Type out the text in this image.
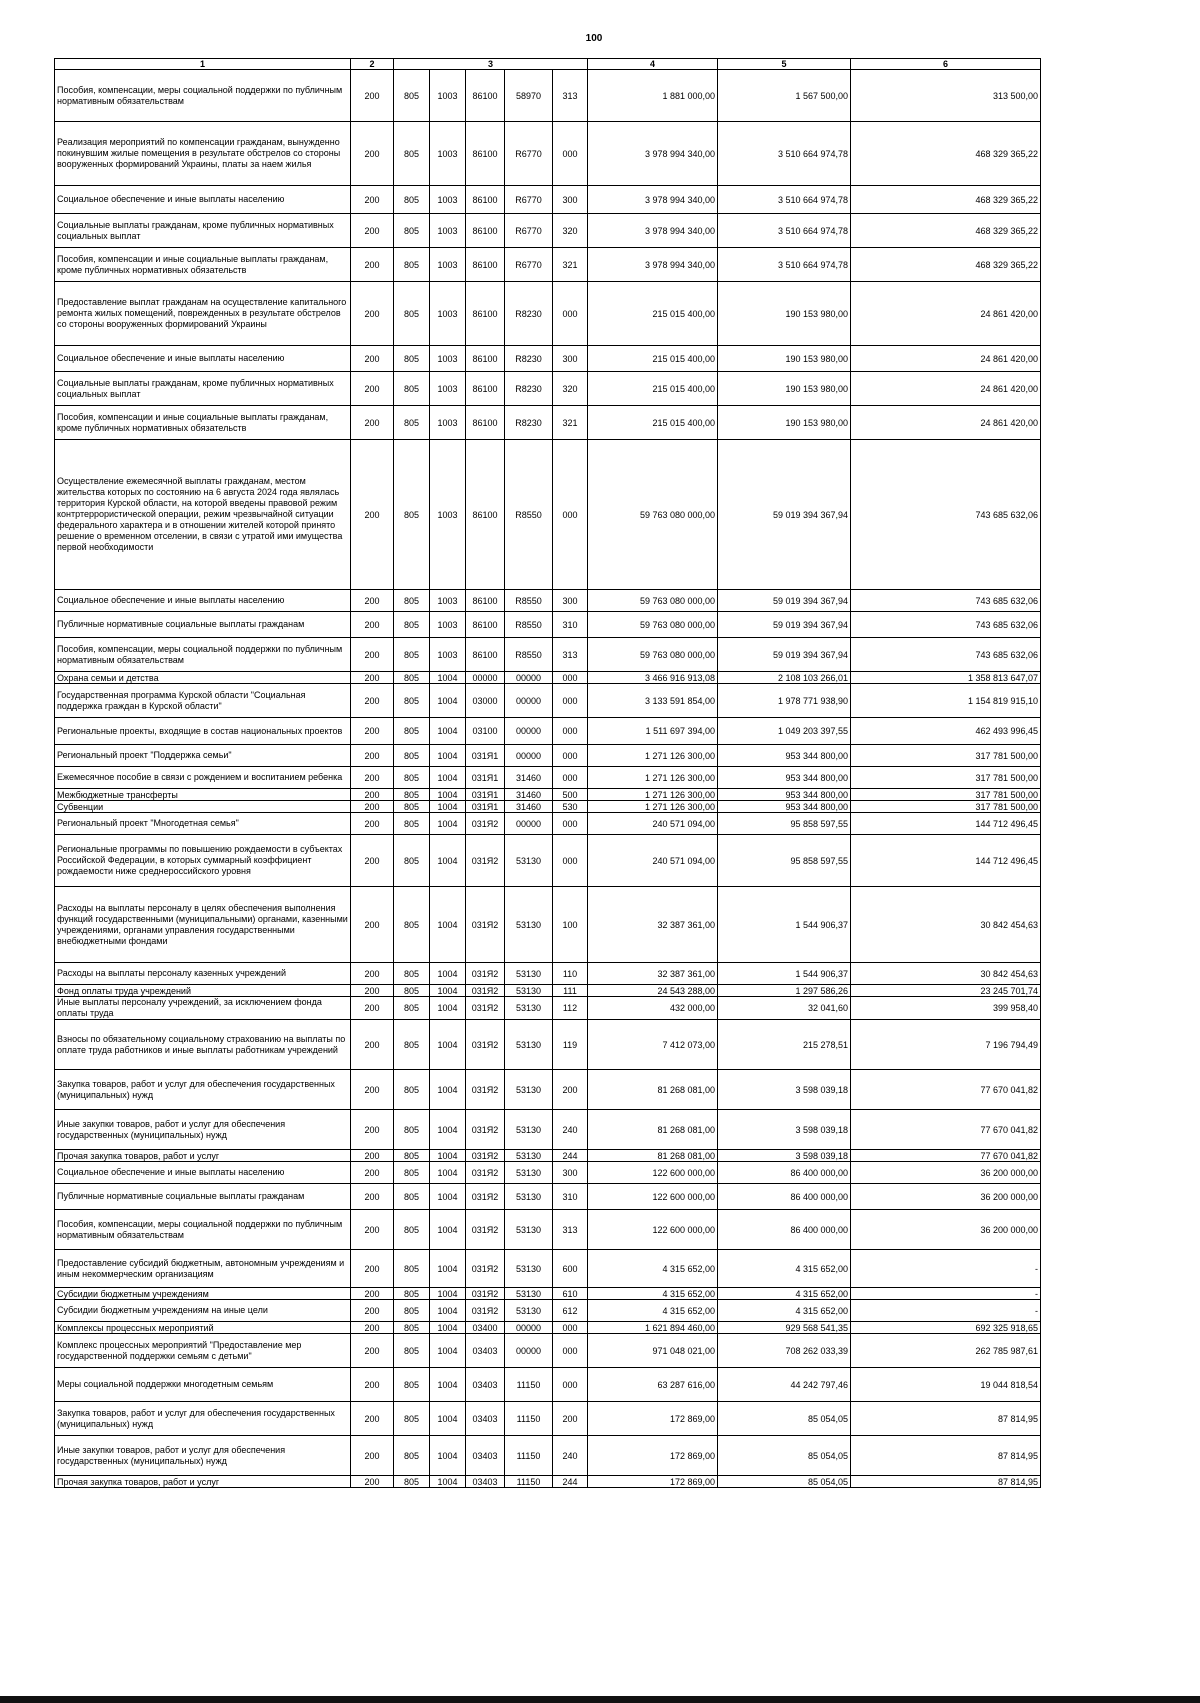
100
1	2	3					4	5	6
Пособия, компенсации, меры социальной поддержки по публичным нормативным обязательствам	200	805	1003	86100	58970	313	1 881 000,00	1 567 500,00	313 500,00
Реализация мероприятий по компенсации гражданам, вынужденно покинувшим жилые помещения в результате обстрелов со стороны вооруженных формирований Украины, платы за наем жилья	200	805	1003	86100	R6770	000	3 978 994 340,00	3 510 664 974,78	468 329 365,22
Социальное обеспечение и иные выплаты населению	200	805	1003	86100	R6770	300	3 978 994 340,00	3 510 664 974,78	468 329 365,22
Социальные выплаты гражданам, кроме публичных нормативных социальных выплат	200	805	1003	86100	R6770	320	3 978 994 340,00	3 510 664 974,78	468 329 365,22
Пособия, компенсации и иные социальные выплаты гражданам, кроме публичных нормативных обязательств	200	805	1003	86100	R6770	321	3 978 994 340,00	3 510 664 974,78	468 329 365,22
Предоставление выплат гражданам на осуществление капитального ремонта жилых помещений, поврежденных в результате обстрелов со стороны вооруженных формирований Украины	200	805	1003	86100	R8230	000	215 015 400,00	190 153 980,00	24 861 420,00
Социальное обеспечение и иные выплаты населению	200	805	1003	86100	R8230	300	215 015 400,00	190 153 980,00	24 861 420,00
Социальные выплаты гражданам, кроме публичных нормативных социальных выплат	200	805	1003	86100	R8230	320	215 015 400,00	190 153 980,00	24 861 420,00
Пособия, компенсации и иные социальные выплаты гражданам, кроме публичных нормативных обязательств	200	805	1003	86100	R8230	321	215 015 400,00	190 153 980,00	24 861 420,00
Осуществление ежемесячной выплаты гражданам, местом жительства которых по состоянию на 6 августа 2024 года являлась территория Курской области, на которой введены правовой режим контртеррористической операции, режим чрезвычайной ситуации федерального характера и в отношении жителей которой принято решение о временном отселении, в связи с утратой ими имущества первой необходимости	200	805	1003	86100	R8550	000	59 763 080 000,00	59 019 394 367,94	743 685 632,06
Социальное обеспечение и иные выплаты населению	200	805	1003	86100	R8550	300	59 763 080 000,00	59 019 394 367,94	743 685 632,06
Публичные нормативные социальные выплаты гражданам	200	805	1003	86100	R8550	310	59 763 080 000,00	59 019 394 367,94	743 685 632,06
Пособия, компенсации, меры социальной поддержки по публичным нормативным обязательствам	200	805	1003	86100	R8550	313	59 763 080 000,00	59 019 394 367,94	743 685 632,06
Охрана семьи и детства	200	805	1004	00000	00000	000	3 466 916 913,08	2 108 103 266,01	1 358 813 647,07
Государственная программа Курской области "Социальная поддержка граждан в Курской области"	200	805	1004	03000	00000	000	3 133 591 854,00	1 978 771 938,90	1 154 819 915,10
Региональные проекты, входящие в состав национальных проектов	200	805	1004	03100	00000	000	1 511 697 394,00	1 049 203 397,55	462 493 996,45
Региональный проект "Поддержка семьи"	200	805	1004	031Я1	00000	000	1 271 126 300,00	953 344 800,00	317 781 500,00
Ежемесячное пособие в связи с рождением и воспитанием ребенка	200	805	1004	031Я1	31460	000	1 271 126 300,00	953 344 800,00	317 781 500,00
Межбюджетные трансферты	200	805	1004	031Я1	31460	500	1 271 126 300,00	953 344 800,00	317 781 500,00
Субвенции	200	805	1004	031Я1	31460	530	1 271 126 300,00	953 344 800,00	317 781 500,00
Региональный проект "Многодетная семья"	200	805	1004	031Я2	00000	000	240 571 094,00	95 858 597,55	144 712 496,45
Региональные программы по повышению рождаемости в субъектах Российской Федерации, в которых суммарный коэффициент рождаемости ниже среднероссийского уровня	200	805	1004	031Я2	53130	000	240 571 094,00	95 858 597,55	144 712 496,45
Расходы на выплаты персоналу в целях обеспечения выполнения функций государственными (муниципальными) органами, казенными учреждениями, органами управления государственными внебюджетными фондами	200	805	1004	031Я2	53130	100	32 387 361,00	1 544 906,37	30 842 454,63
Расходы на выплаты персоналу казенных учреждений	200	805	1004	031Я2	53130	110	32 387 361,00	1 544 906,37	30 842 454,63
Фонд оплаты труда учреждений	200	805	1004	031Я2	53130	111	24 543 288,00	1 297 586,26	23 245 701,74
Иные выплаты персоналу учреждений, за исключением фонда оплаты труда	200	805	1004	031Я2	53130	112	432 000,00	32 041,60	399 958,40
Взносы по обязательному социальному страхованию на выплаты по оплате труда работников и иные выплаты работникам учреждений	200	805	1004	031Я2	53130	119	7 412 073,00	215 278,51	7 196 794,49
Закупка товаров, работ и услуг для обеспечения государственных (муниципальных) нужд	200	805	1004	031Я2	53130	200	81 268 081,00	3 598 039,18	77 670 041,82
Иные закупки товаров, работ и услуг для обеспечения государственных (муниципальных) нужд	200	805	1004	031Я2	53130	240	81 268 081,00	3 598 039,18	77 670 041,82
Прочая закупка товаров, работ и услуг	200	805	1004	031Я2	53130	244	81 268 081,00	3 598 039,18	77 670 041,82
Социальное обеспечение и иные выплаты населению	200	805	1004	031Я2	53130	300	122 600 000,00	86 400 000,00	36 200 000,00
Публичные нормативные социальные выплаты гражданам	200	805	1004	031Я2	53130	310	122 600 000,00	86 400 000,00	36 200 000,00
Пособия, компенсации, меры социальной поддержки по публичным нормативным обязательствам	200	805	1004	031Я2	53130	313	122 600 000,00	86 400 000,00	36 200 000,00
Предоставление субсидий бюджетным, автономным учреждениям и иным некоммерческим организациям	200	805	1004	031Я2	53130	600	4 315 652,00	4 315 652,00	-
Субсидии бюджетным учреждениям	200	805	1004	031Я2	53130	610	4 315 652,00	4 315 652,00	-
Субсидии бюджетным учреждениям на иные цели	200	805	1004	031Я2	53130	612	4 315 652,00	4 315 652,00	-
Комплексы процессных мероприятий	200	805	1004	03400	00000	000	1 621 894 460,00	929 568 541,35	692 325 918,65
Комплекс процессных мероприятий "Предоставление мер государственной поддержки семьям с детьми"	200	805	1004	03403	00000	000	971 048 021,00	708 262 033,39	262 785 987,61
Меры социальной поддержки многодетным семьям	200	805	1004	03403	11150	000	63 287 616,00	44 242 797,46	19 044 818,54
Закупка товаров, работ и услуг для обеспечения государственных (муниципальных) нужд	200	805	1004	03403	11150	200	172 869,00	85 054,05	87 814,95
Иные закупки товаров, работ и услуг для обеспечения государственных (муниципальных) нужд	200	805	1004	03403	11150	240	172 869,00	85 054,05	87 814,95
Прочая закупка товаров, работ и услуг	200	805	1004	03403	11150	244	172 869,00	85 054,05	87 814,95
